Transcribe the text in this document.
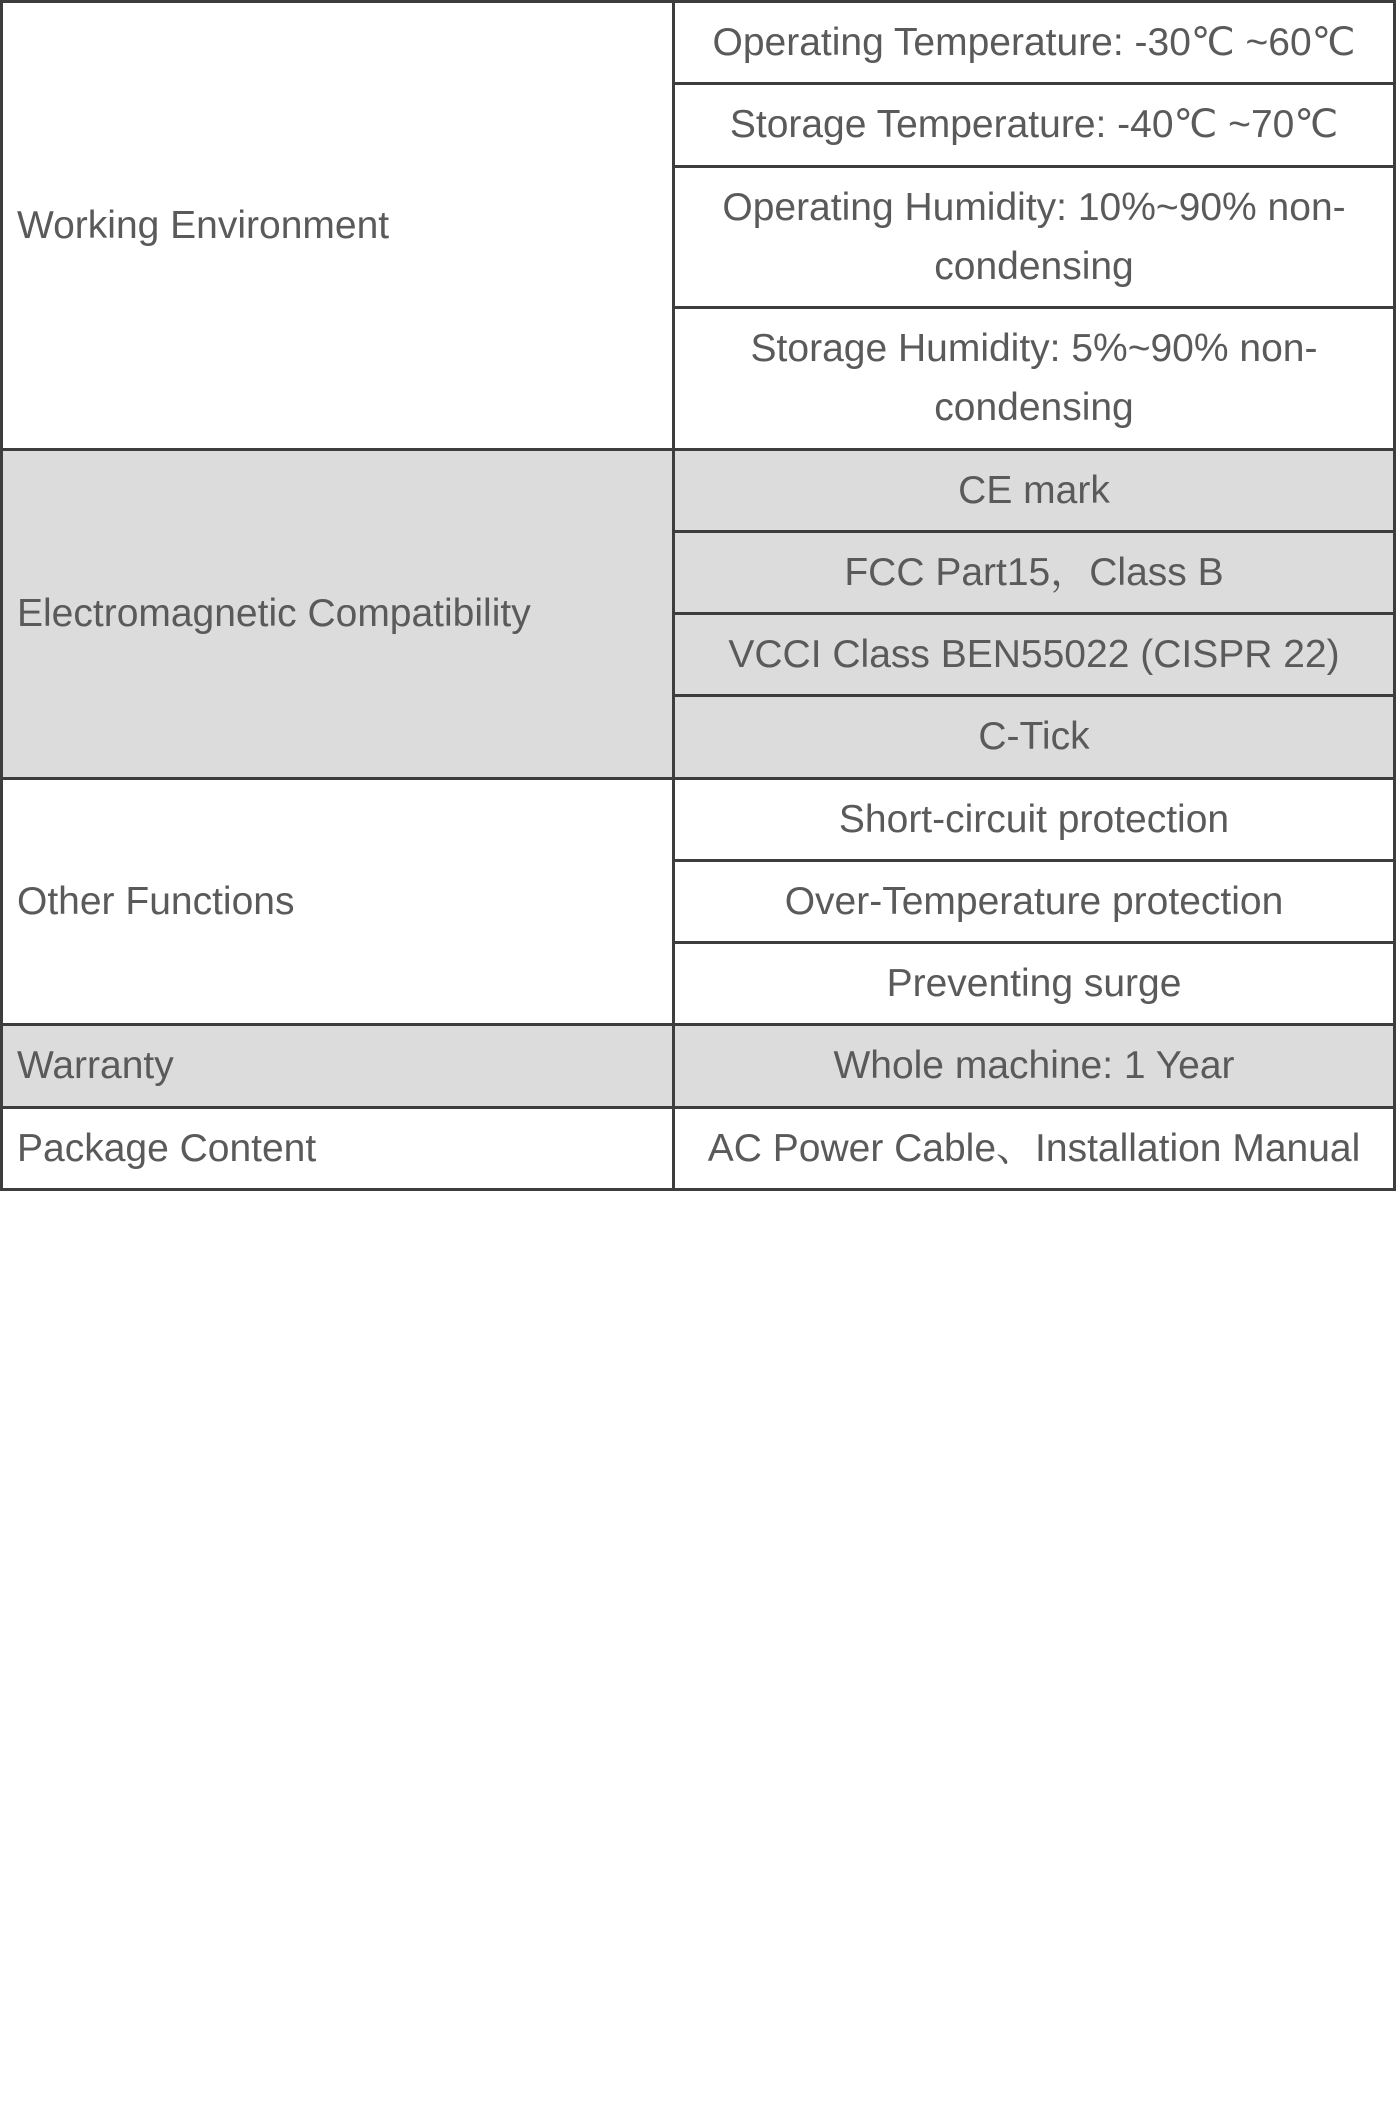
Working Environment	Operating Temperature: -30℃ ~60℃
	Storage Temperature: -40℃ ~70℃
	Operating Humidity: 10%~90% non-condensing
	Storage Humidity: 5%~90% non-condensing
Electromagnetic Compatibility	CE mark
	FCC Part15，Class B
	VCCI Class BEN55022 (CISPR 22)
	C-Tick
Other Functions	Short-circuit protection
	Over-Temperature protection
	Preventing surge
Warranty	Whole machine: 1 Year
Package Content	AC Power Cable、Installation Manual
